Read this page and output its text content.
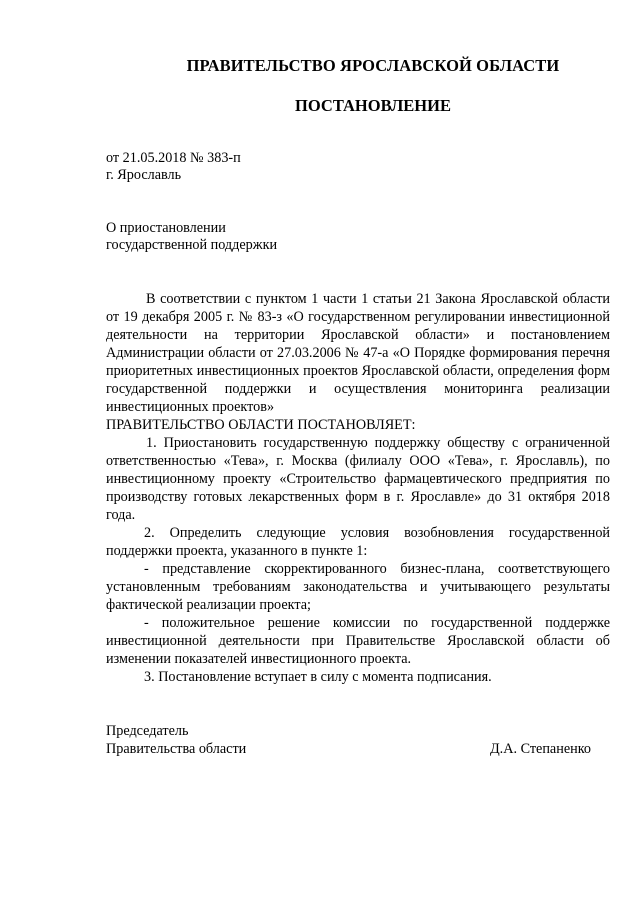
ПРАВИТЕЛЬСТВО ЯРОСЛАВСКОЙ ОБЛАСТИ
ПОСТАНОВЛЕНИЕ
от 21.05.2018 № 383-п
г. Ярославль
О приостановлении
государственной поддержки

В соответствии с пунктом 1 части 1 статьи 21 Закона Ярославской области от 19 декабря 2005 г. № 83-з «О государственном регулировании инвестиционной деятельности на территории Ярославской области» и постановлением Администрации области от 27.03.2006 № 47-а «О Порядке формирования перечня приоритетных инвестиционных проектов Ярославской области, определения форм государственной поддержки и осуществления мониторинга реализации инвестиционных проектов»

ПРАВИТЕЛЬСТВО ОБЛАСТИ ПОСТАНОВЛЯЕТ:

1. Приостановить государственную поддержку обществу с ограниченной ответственностью «Тева», г. Москва (филиалу ООО «Тева», г. Ярославль), по инвестиционному проекту «Строительство фармацевтического предприятия по производству готовых лекарственных форм в г. Ярославле» до 31 октября 2018 года.

2. Определить следующие условия возобновления государственной поддержки проекта, указанного в пункте 1:

- представление скорректированного бизнес-плана, соответствующего установленным требованиям законодательства и учитывающего результаты фактической реализации проекта;

- положительное решение комиссии по государственной поддержке инвестиционной деятельности при Правительстве Ярославской области об изменении показателей инвестиционного проекта.

3. Постановление вступает в силу с момента подписания.

Председатель
Правительства области	Д.А. Степаненко
